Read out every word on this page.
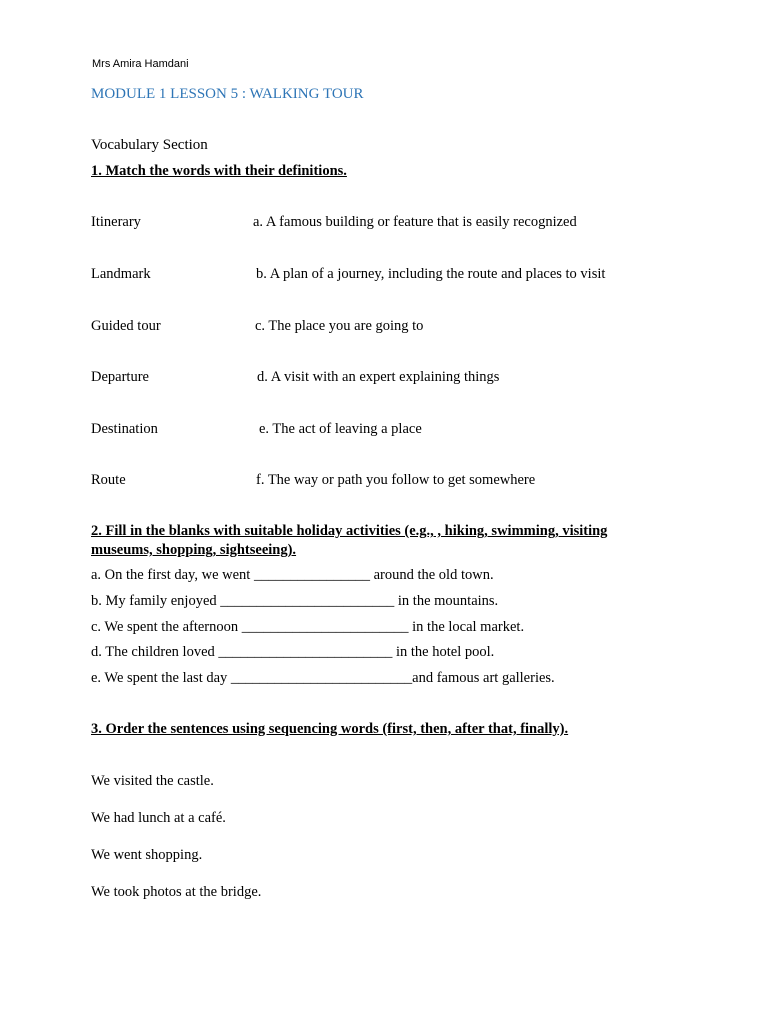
Mrs Amira Hamdani
MODULE 1 LESSON 5 : WALKING TOUR
Vocabulary Section
1. Match the words with their definitions.
Itinerary
Landmark
Guided tour
Departure
Destination
Route
a. A famous building or feature that is easily recognized
b. A plan of a journey, including the route and places to visit
c. The place you are going to
d. A visit with an expert explaining things
e. The act of leaving a place
f. The way or path you follow to get somewhere
2. Fill in the blanks with suitable holiday activities (e.g., , hiking, swimming, visiting
museums, shopping, sightseeing).
a. On the first day, we went ________________ around the old town.
b. My family enjoyed ________________________ in the mountains.
c. We spent the afternoon _______________________ in the local market.
d. The children loved ________________________ in the hotel pool.
e. We spent the last day _________________________and famous art galleries.
3. Order the sentences using sequencing words (first, then, after that, finally).
We visited the castle.
We had lunch at a café.
We went shopping.
We took photos at the bridge.
